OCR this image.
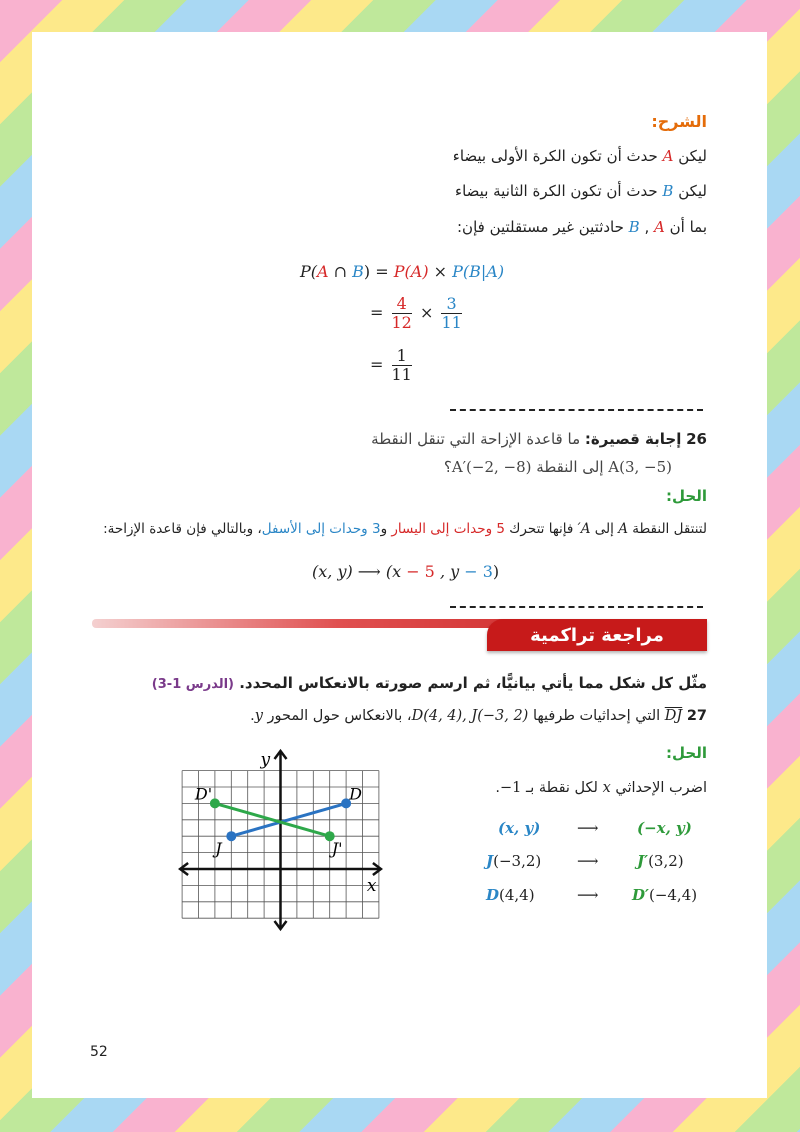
الشرح:
ليكن A حدث أن تكون الكرة الأولى بيضاء
ليكن B حدث أن تكون الكرة الثانية بيضاء
بما أن B , A حادثتين غير مستقلتين فإن:
P(A ∩ B) = P(A) × P(B|A)
= $\frac{4}{12} \times \frac{3}{11}$
= $\frac{1}{11}$
26 إجابة قصيرة: ما قاعدة الإزاحة التي تنقل النقطة
A(3, −5) إلى النقطة A′(−2, −8)؟
الحل:
لتنتقل النقطة A إلى A′ فإنها تتحرك 5 وحدات إلى اليسار و3 وحدات إلى الأسفل، وبالتالي فإن قاعدة الإزاحة:
(x, y) ⟶ (x − 5 , y − 3)
مراجعة تراكمية
مثّل كل شكل مما يأتي بيانيًّا، ثم ارسم صورته بالانعكاس المحدد. (الدرس 1-3)
27 DJ التي إحداثيات طرفيها D(4, 4), J(−3, 2)، بالانعكاس حول المحور y.
الحل:
اضرب الإحداثي x لكل نقطة بـ −1.
(x, y) ⟶	(−x, y)
J(−3,2) ⟶	J′(3,2)
D(4,4)	⟶ D′(−4,4)
D'	D
J	J'
y
x
52
